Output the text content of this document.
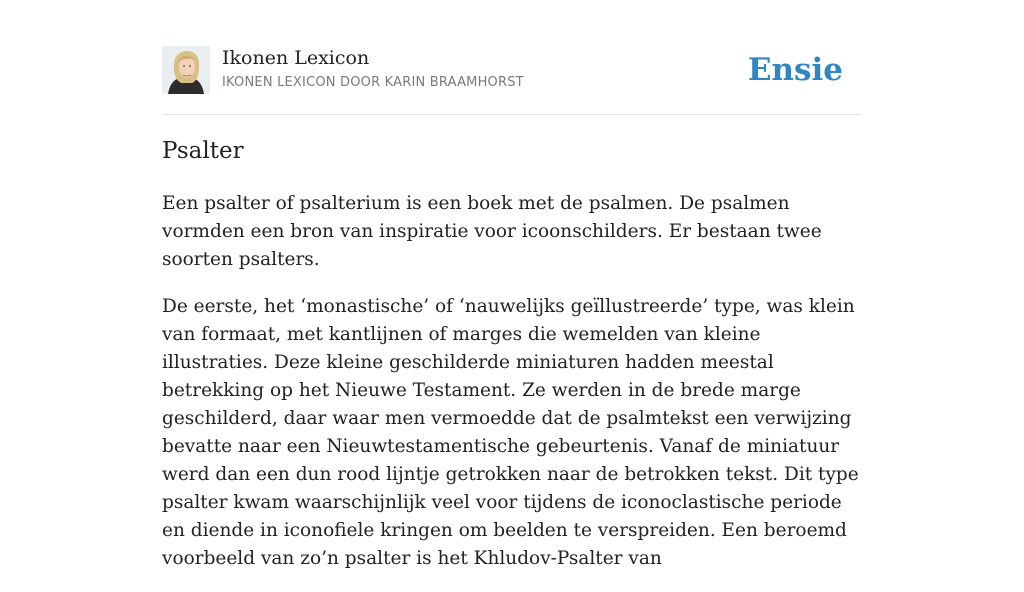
Ikonen Lexicon
IKONEN LEXICON DOOR KARIN BRAAMHORST	Ensie
Psalter

Een psalter of psalterium is een boek met de psalmen. De psalmen vormden een bron van inspiratie voor icoonschilders. Er bestaan twee soorten psalters.

De eerste, het ‘monastische’ of ‘nauwelijks geïllustreerde’ type, was klein van formaat, met kantlijnen of marges die wemelden van kleine illustraties. Deze kleine geschilderde miniaturen hadden meestal betrekking op het Nieuwe Testament. Ze werden in de brede marge geschilderd, daar waar men vermoedde dat de psalmtekst een verwijzing bevatte naar een Nieuwtestamentische gebeurtenis. Vanaf de miniatuur werd dan een dun rood lijntje getrokken naar de betrokken tekst. Dit type psalter kwam waarschijnlijk veel voor tijdens de iconoclastische periode en diende in iconofiele kringen om beelden te verspreiden. Een beroemd voorbeeld van zo’n psalter is het Khludov-Psalter van
